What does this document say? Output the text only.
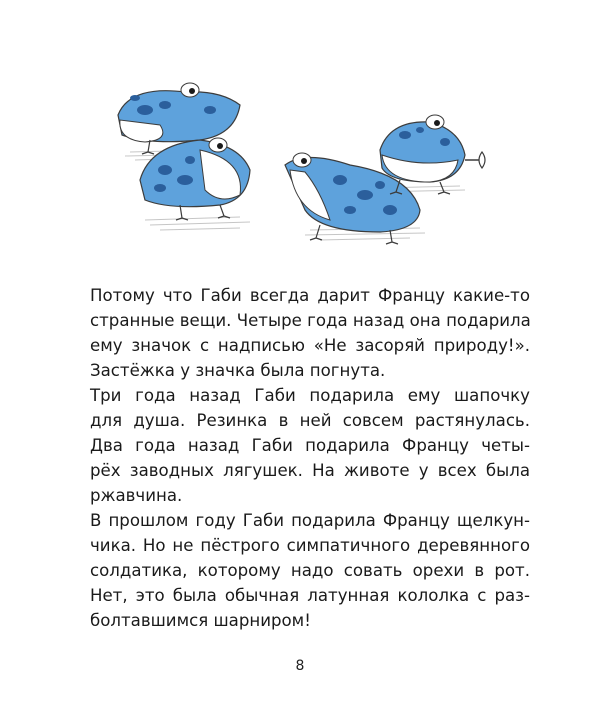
Потому что Габи всегда дарит Францу какие-то
странные вещи. Четыре года назад она подарила
ему значок с надписью «Не засоряй природу!».
Застёжка у значка была погнута.
Три года назад Габи подарила ему шапочку
для душа. Резинка в ней совсем растянулась.
Два года назад Габи подарила Францу четы-
рёх заводных лягушек. На животе у всех была
ржавчина.
В прошлом году Габи подарила Францу щелкун-
чика. Но не пёстрого симпатичного деревянного
солдатика, которому надо совать орехи в рот.
Нет, это была обычная латунная кололка с раз-
болтавшимся шарниром!
8
